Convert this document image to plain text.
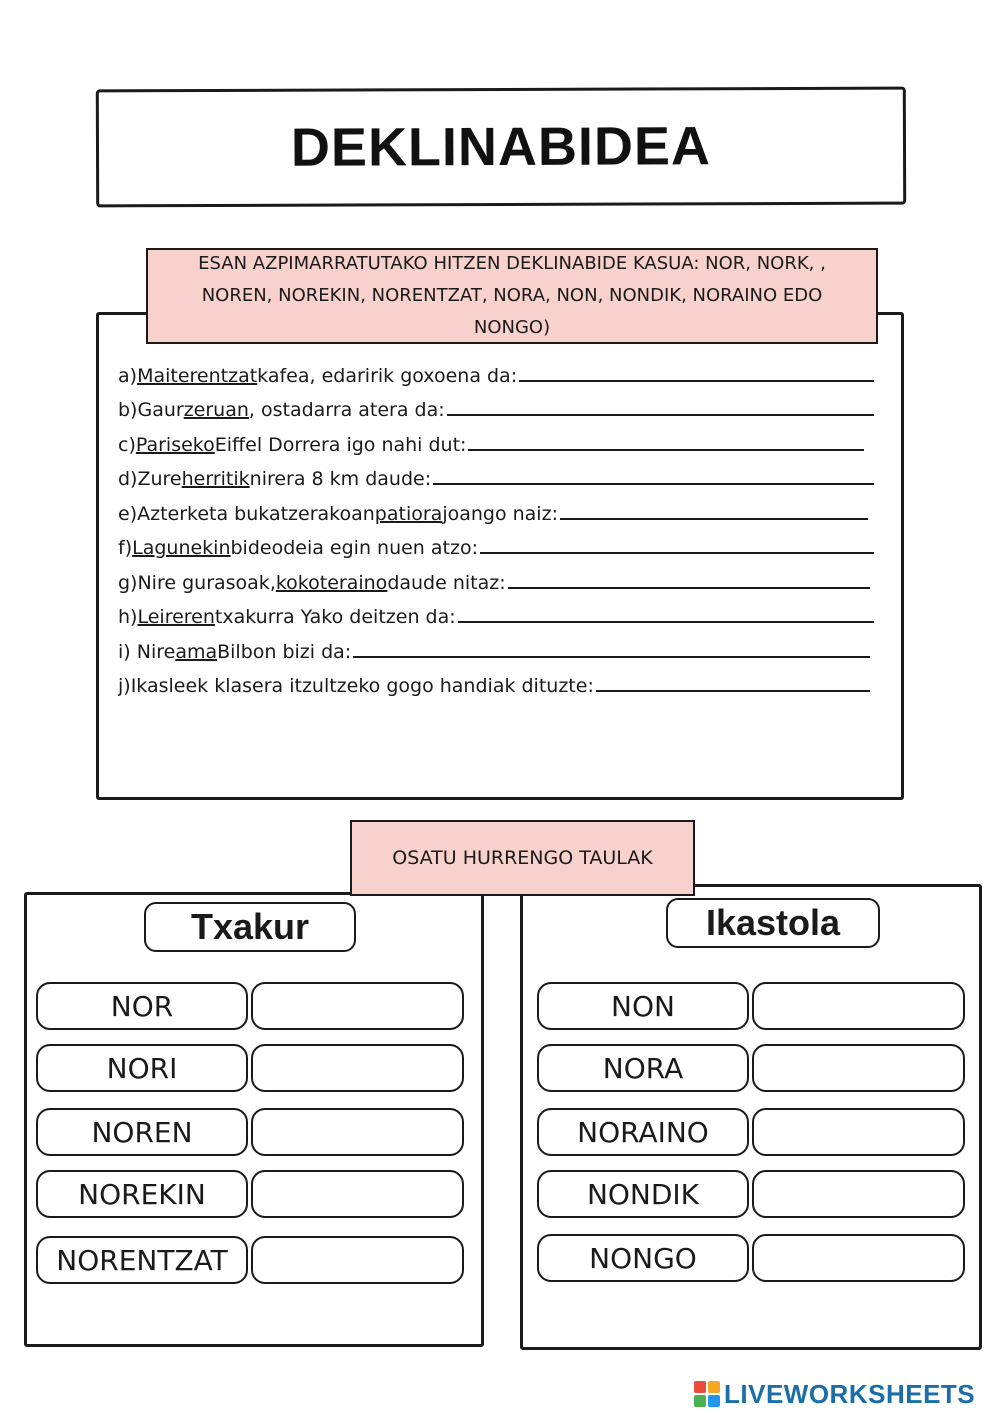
DEKLINABIDEA
ESAN AZPIMARRATUTAKO HITZEN DEKLINABIDE KASUA: NOR, NORK, , NOREN, NOREKIN, NORENTZAT, NORA, NON, NONDIK, NORAINO EDO NONGO)
a) Maiterentzat kafea, edaririk goxoena da:
b)Gaur zeruan , ostadarra atera da:
c) Pariseko Eiffel Dorrera igo nahi dut:
d)Zure herritik nirera 8 km daude:
e)Azterketa bukatzerakoan patiora joango naiz:
f) Lagunekin bideodeia egin nuen atzo:
g)Nire gurasoak, kokoteraino daude nitaz:
h) Leireren txakurra Yako deitzen da:
i) Nire ama Bilbon bizi da:
j)Ikasleek klasera itzultzeko gogo handiak dituzte:
OSATU HURRENGO TAULAK
Txakur
NOR
NORI
NOREN
NOREKIN
NORENTZAT
Ikastola
NON
NORA
NORAINO
NONDIK
NONGO
LIVEWORKSHEETS
